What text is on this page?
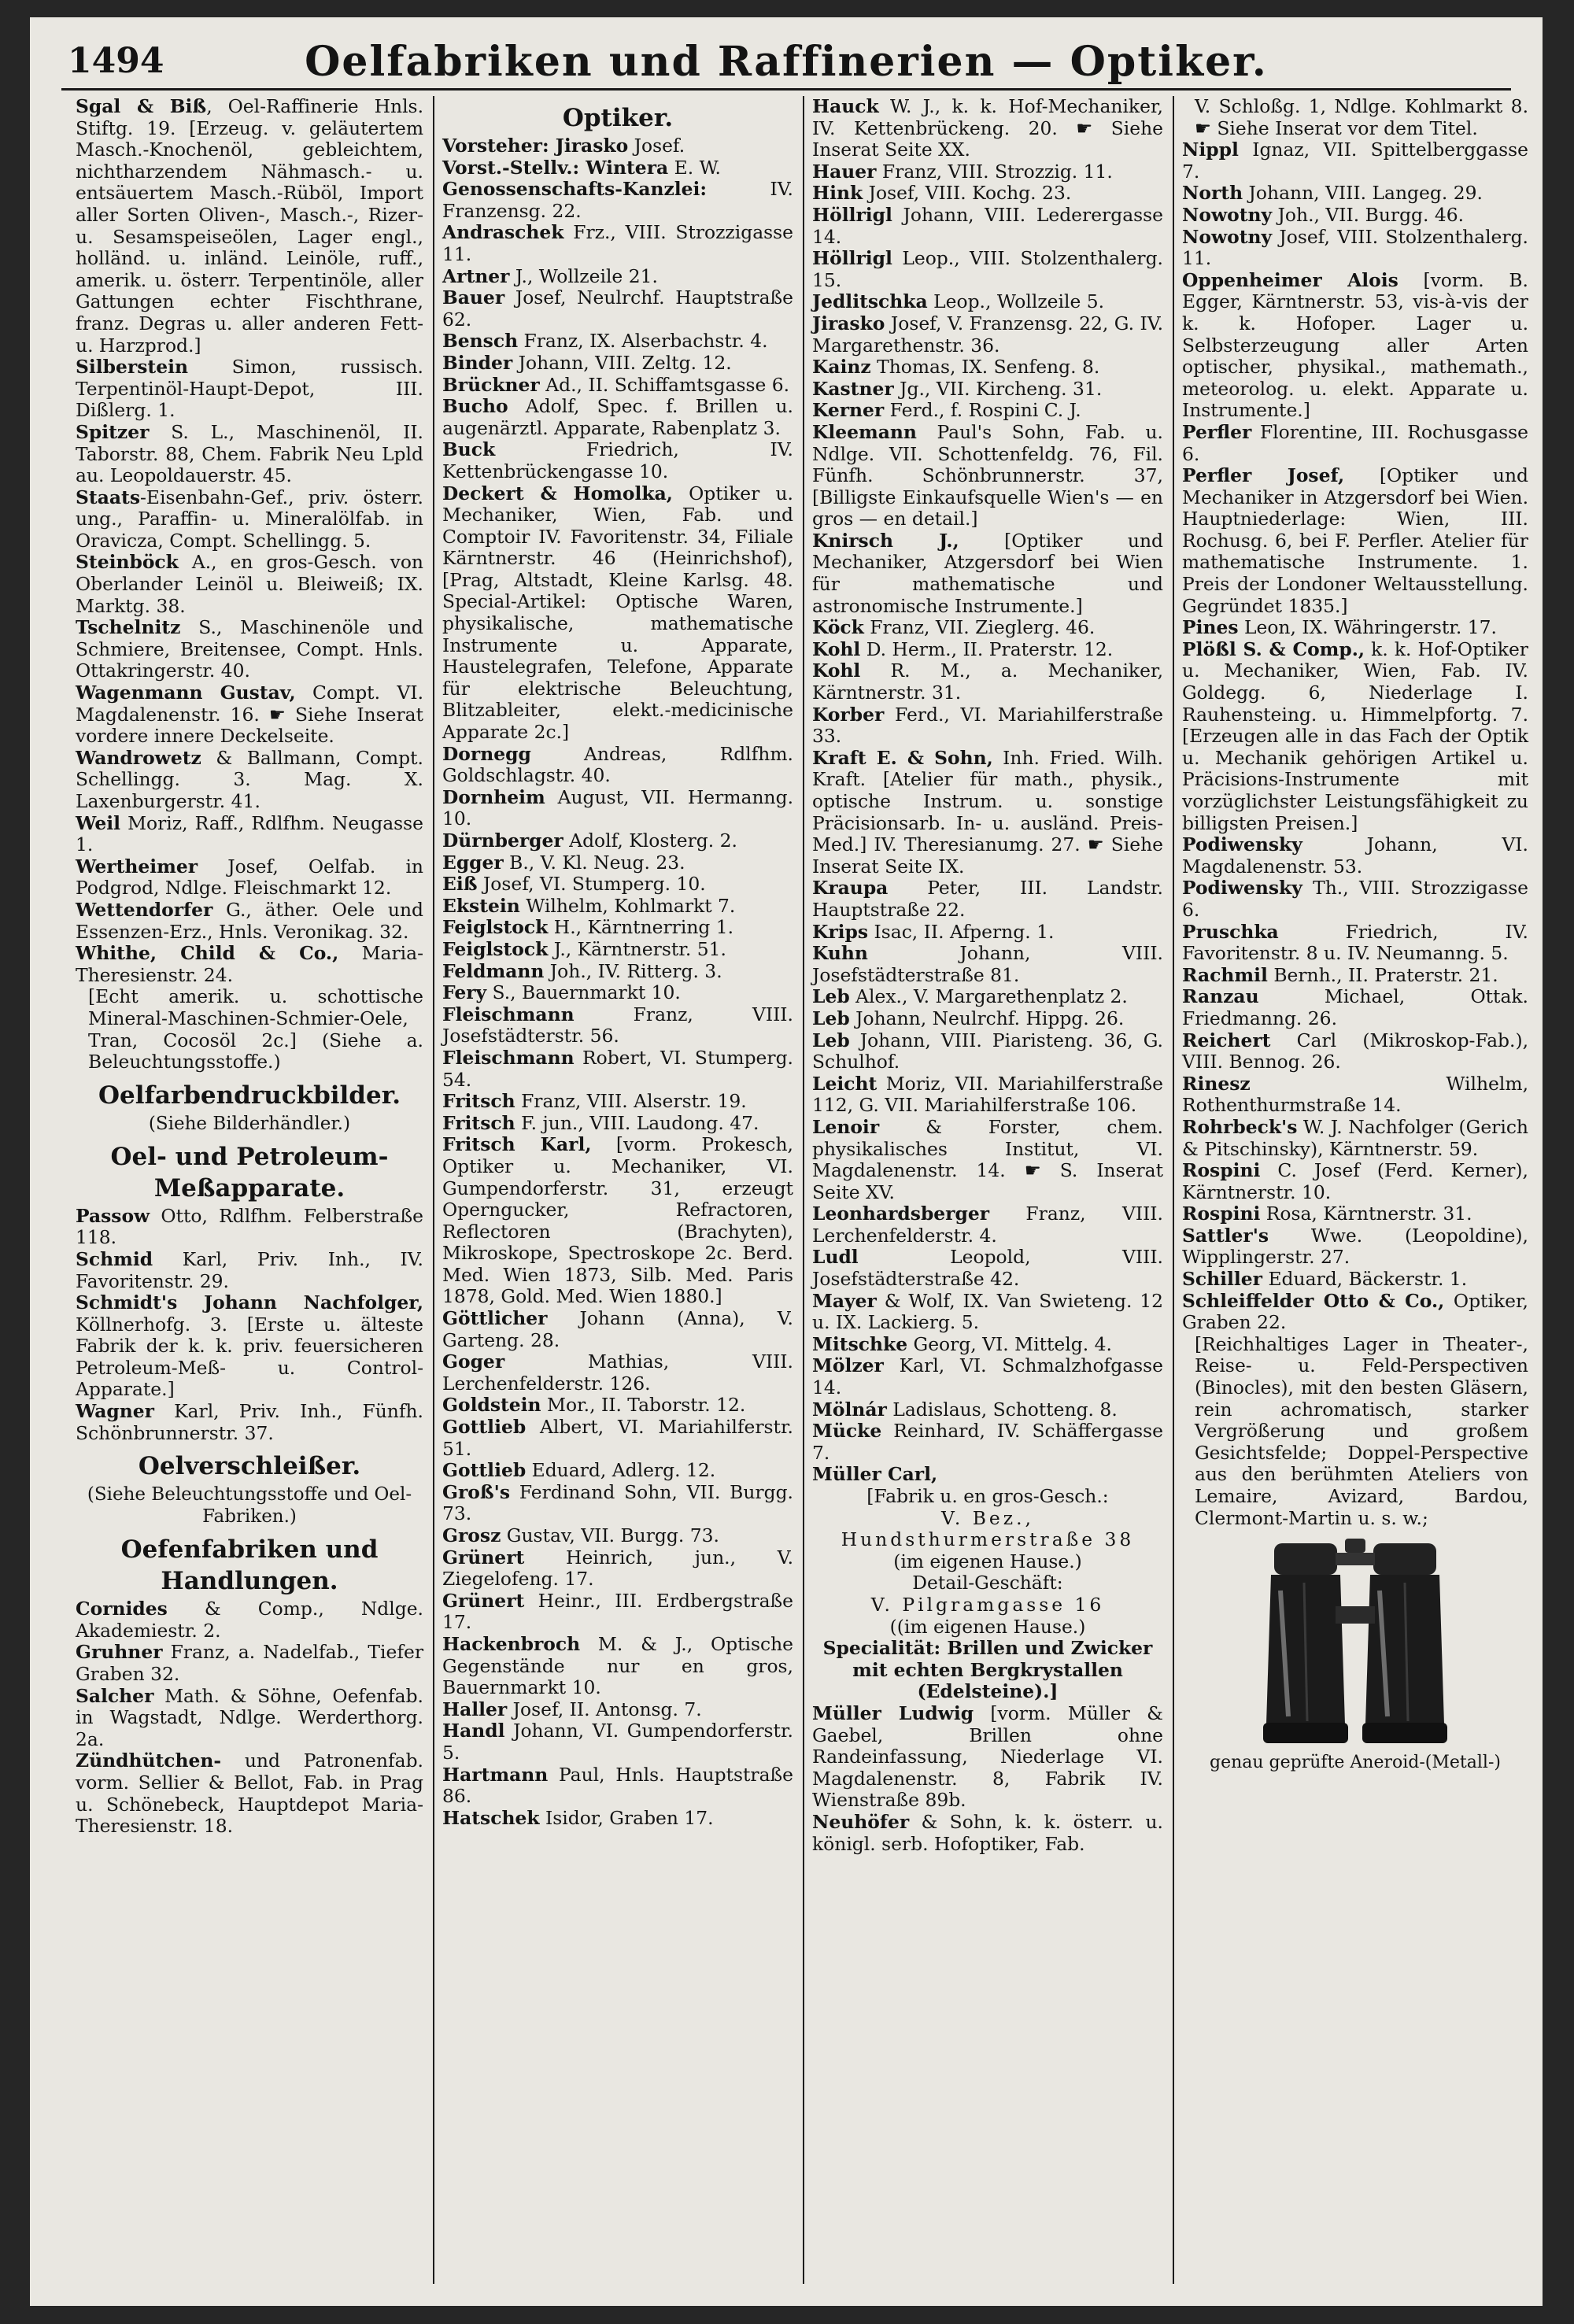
1494	Oelfabriken und Raffinerien — Optiker.

Sgal & Biß, Oel-Raffinerie Hnls. Stiftg. 19. [Erzeug. v. geläutertem Masch.-Knochenöl, gebleichtem, nichtharzendem Nähmasch.- u. entsäuertem Masch.-Rüböl, Import aller Sorten Oliven-, Masch.-, Rizer- u. Sesamspeiseölen, Lager engl., holländ. u. inländ. Leinöle, ruff., amerik. u. österr. Terpentinöle, aller Gattungen echter Fischthrane, franz. Degras u. aller anderen Fett- u. Harzprod.]

Silberstein Simon, russisch. Terpentinöl-Haupt-Depot, III. Dißlerg. 1.

Spitzer S. L., Maschinenöl, II. Taborstr. 88, Chem. Fabrik Neu Lpld au. Leopoldauerstr. 45.

Staats-Eisenbahn-Gef., priv. österr. ung., Paraffin- u. Mineralölfab. in Oravicza, Compt. Schellingg. 5.

Steinböck A., en gros-Gesch. von Oberlander Leinöl u. Bleiweiß; IX. Marktg. 38.

Tschelnitz S., Maschinenöle und Schmiere, Breitensee, Compt. Hnls. Ottakringerstr. 40.

Wagenmann Gustav, Compt. VI. Magdalenenstr. 16. ☛ Siehe Inserat vordere innere Deckelseite.

Wandrowetz & Ballmann, Compt. Schellingg. 3. Mag. X. Laxenburgerstr. 41.

Weil Moriz, Raff., Rdlfhm. Neugasse 1.

Wertheimer Josef, Oelfab. in Podgrod, Ndlge. Fleischmarkt 12.

Wettendorfer G., äther. Oele und Essenzen-Erz., Hnls. Veronikag. 32.

Whithe, Child & Co., Maria-Theresienstr. 24.

[Echt amerik. u. schottische Mineral-Maschinen-Schmier-Oele, Tran, Cocosöl 2c.] (Siehe a. Beleuchtungsstoffe.)

Oelfarbendruckbilder.
(Siehe Bilderhändler.)
Oel- und Petroleum-Meßapparate.

Passow Otto, Rdlfhm. Felberstraße 118.

Schmid Karl, Priv. Inh., IV. Favoritenstr. 29.

Schmidt's Johann Nachfolger, Köllnerhofg. 3. [Erste u. älteste Fabrik der k. k. priv. feuersicheren Petroleum-Meß- u. Control-Apparate.]

Wagner Karl, Priv. Inh., Fünfh. Schönbrunnerstr. 37.

Oelverschleißer.
(Siehe Beleuchtungsstoffe und Oel-Fabriken.)
Oefenfabriken und Handlungen.

Cornides & Comp., Ndlge. Akademiestr. 2.

Gruhner Franz, a. Nadelfab., Tiefer Graben 32.

Salcher Math. & Söhne, Oefenfab. in Wagstadt, Ndlge. Werderthorg. 2a.

Zündhütchen- und Patronenfab. vorm. Sellier & Bellot, Fab. in Prag u. Schönebeck, Hauptdepot Maria-Theresienstr. 18.

Optiker.

Vorsteher: Jirasko Josef.

Vorst.-Stellv.: Wintera E. W.

Genossenschafts-Kanzlei: IV. Franzensg. 22.

Andraschek Frz., VIII. Strozzigasse 11.

Artner J., Wollzeile 21.

Bauer Josef, Neulrchf. Hauptstraße 62.

Bensch Franz, IX. Alserbachstr. 4.

Binder Johann, VIII. Zeltg. 12.

Brückner Ad., II. Schiffamtsgasse 6.

Bucho Adolf, Spec. f. Brillen u. augenärztl. Apparate, Rabenplatz 3.

Buck Friedrich, IV. Kettenbrückengasse 10.

Deckert & Homolka, Optiker u. Mechaniker, Wien, Fab. und Comptoir IV. Favoritenstr. 34, Filiale Kärntnerstr. 46 (Heinrichshof), [Prag, Altstadt, Kleine Karlsg. 48. Special-Artikel: Optische Waren, physikalische, mathematische Instrumente u. Apparate, Haustelegrafen, Telefone, Apparate für elektrische Beleuchtung, Blitzableiter, elekt.-medicinische Apparate 2c.]

Dornegg Andreas, Rdlfhm. Goldschlagstr. 40.

Dornheim August, VII. Hermanng. 10.

Dürnberger Adolf, Klosterg. 2.

Egger B., V. Kl. Neug. 23.

Eiß Josef, VI. Stumperg. 10.

Ekstein Wilhelm, Kohlmarkt 7.

Feiglstock H., Kärntnerring 1.

Feiglstock J., Kärntnerstr. 51.

Feldmann Joh., IV. Ritterg. 3.

Fery S., Bauernmarkt 10.

Fleischmann Franz, VIII. Josefstädterstr. 56.

Fleischmann Robert, VI. Stumperg. 54.

Fritsch Franz, VIII. Alserstr. 19.

Fritsch F. jun., VIII. Laudong. 47.

Fritsch Karl, [vorm. Prokesch, Optiker u. Mechaniker, VI. Gumpendorferstr. 31, erzeugt Operngucker, Refractoren, Reflectoren (Brachyten), Mikroskope, Spectroskope 2c. Berd. Med. Wien 1873, Silb. Med. Paris 1878, Gold. Med. Wien 1880.]

Göttlicher Johann (Anna), V. Garteng. 28.

Goger Mathias, VIII. Lerchenfelderstr. 126.

Goldstein Mor., II. Taborstr. 12.

Gottlieb Albert, VI. Mariahilferstr. 51.

Gottlieb Eduard, Adlerg. 12.

Groß's Ferdinand Sohn, VII. Burgg. 73.

Grosz Gustav, VII. Burgg. 73.

Grünert Heinrich, jun., V. Ziegelofeng. 17.

Grünert Heinr., III. Erdbergstraße 17.

Hackenbroch M. & J., Optische Gegenstände nur en gros, Bauernmarkt 10.

Haller Josef, II. Antonsg. 7.

Handl Johann, VI. Gumpendorferstr. 5.

Hartmann Paul, Hnls. Hauptstraße 86.

Hatschek Isidor, Graben 17.

Hauck W. J., k. k. Hof-Mechaniker, IV. Kettenbrückeng. 20. ☛ Siehe Inserat Seite XX.

Hauer Franz, VIII. Strozzig. 11.

Hink Josef, VIII. Kochg. 23.

Höllrigl Johann, VIII. Lederergasse 14.

Höllrigl Leop., VIII. Stolzenthalerg. 15.

Jedlitschka Leop., Wollzeile 5.

Jirasko Josef, V. Franzensg. 22, G. IV. Margarethenstr. 36.

Kainz Thomas, IX. Senfeng. 8.

Kastner Jg., VII. Kircheng. 31.

Kerner Ferd., f. Rospini C. J.

Kleemann Paul's Sohn, Fab. u. Ndlge. VII. Schottenfeldg. 76, Fil. Fünfh. Schönbrunnerstr. 37, [Billigste Einkaufsquelle Wien's — en gros — en detail.]

Knirsch J., [Optiker und Mechaniker, Atzgersdorf bei Wien für mathematische und astronomische Instrumente.]

Köck Franz, VII. Zieglerg. 46.

Kohl D. Herm., II. Praterstr. 12.

Kohl R. M., a. Mechaniker, Kärntnerstr. 31.

Korber Ferd., VI. Mariahilferstraße 33.

Kraft E. & Sohn, Inh. Fried. Wilh. Kraft. [Atelier für math., physik., optische Instrum. u. sonstige Präcisionsarb. In- u. ausländ. Preis-Med.] IV. Theresianumg. 27. ☛ Siehe Inserat Seite IX.

Kraupa Peter, III. Landstr. Hauptstraße 22.

Krips Isac, II. Afperng. 1.

Kuhn Johann, VIII. Josefstädterstraße 81.

Leb Alex., V. Margarethenplatz 2.

Leb Johann, Neulrchf. Hippg. 26.

Leb Johann, VIII. Piaristeng. 36, G. Schulhof.

Leicht Moriz, VII. Mariahilferstraße 112, G. VII. Mariahilferstraße 106.

Lenoir & Forster, chem. physikalisches Institut, VI. Magdalenenstr. 14. ☛ S. Inserat Seite XV.

Leonhardsberger Franz, VIII. Lerchenfelderstr. 4.

Ludl Leopold, VIII. Josefstädterstraße 42.

Mayer & Wolf, IX. Van Swieteng. 12 u. IX. Lackierg. 5.

Mitschke Georg, VI. Mittelg. 4.

Mölzer Karl, VI. Schmalzhofgasse 14.

Mölnár Ladislaus, Schotteng. 8.

Mücke Reinhard, IV. Schäffergasse 7.

Müller Carl,

[Fabrik u. en gros-Gesch.:

V. Bez., Hundsthurmerstraße 38

(im eigenen Hause.)

Detail-Geschäft:

V. Pilgramgasse 16

((im eigenen Hause.)

Specialität: Brillen und Zwicker mit echten Bergkrystallen (Edelsteine).]

Müller Ludwig [vorm. Müller & Gaebel, Brillen ohne Randeinfassung, Niederlage VI. Magdalenenstr. 8, Fabrik IV. Wienstraße 89b.

Neuhöfer & Sohn, k. k. österr. u. königl. serb. Hofoptiker, Fab.

V. Schloßg. 1, Ndlge. Kohlmarkt 8. ☛ Siehe Inserat vor dem Titel.

Nippl Ignaz, VII. Spittelberggasse 7.

North Johann, VIII. Langeg. 29.

Nowotny Joh., VII. Burgg. 46.

Nowotny Josef, VIII. Stolzenthalerg. 11.

Oppenheimer Alois [vorm. B. Egger, Kärntnerstr. 53, vis-à-vis der k. k. Hofoper. Lager u. Selbsterzeugung aller Arten optischer, physikal., mathemath., meteorolog. u. elekt. Apparate u. Instrumente.]

Perfler Florentine, III. Rochusgasse 6.

Perfler Josef, [Optiker und Mechaniker in Atzgersdorf bei Wien. Hauptniederlage: Wien, III. Rochusg. 6, bei F. Perfler. Atelier für mathematische Instrumente. 1. Preis der Londoner Weltausstellung. Gegründet 1835.]

Pines Leon, IX. Währingerstr. 17.

Plößl S. & Comp., k. k. Hof-Optiker u. Mechaniker, Wien, Fab. IV. Goldegg. 6, Niederlage I. Rauhensteing. u. Himmelpfortg. 7. [Erzeugen alle in das Fach der Optik u. Mechanik gehörigen Artikel u. Präcisions-Instrumente mit vorzüglichster Leistungsfähigkeit zu billigsten Preisen.]

Podiwensky Johann, VI. Magdalenenstr. 53.

Podiwensky Th., VIII. Strozzigasse 6.

Pruschka Friedrich, IV. Favoritenstr. 8 u. IV. Neumanng. 5.

Rachmil Bernh., II. Praterstr. 21.

Ranzau Michael, Ottak. Friedmanng. 26.

Reichert Carl (Mikroskop-Fab.), VIII. Bennog. 26.

Rinesz Wilhelm, Rothenthurmstraße 14.

Rohrbeck's W. J. Nachfolger (Gerich & Pitschinsky), Kärntnerstr. 59.

Rospini C. Josef (Ferd. Kerner), Kärntnerstr. 10.

Rospini Rosa, Kärntnerstr. 31.

Sattler's Wwe. (Leopoldine), Wipplingerstr. 27.

Schiller Eduard, Bäckerstr. 1.

Schleiffelder Otto & Co., Optiker, Graben 22.

[Reichhaltiges Lager in Theater-, Reise- u. Feld-Perspectiven (Binocles), mit den besten Gläsern, rein achromatisch, starker Vergrößerung und großem Gesichtsfelde; Doppel-Perspective aus den berühmten Ateliers von Lemaire, Avizard, Bardou, Clermont-Martin u. s. w.;

genau geprüfte Aneroid-(Metall-)
